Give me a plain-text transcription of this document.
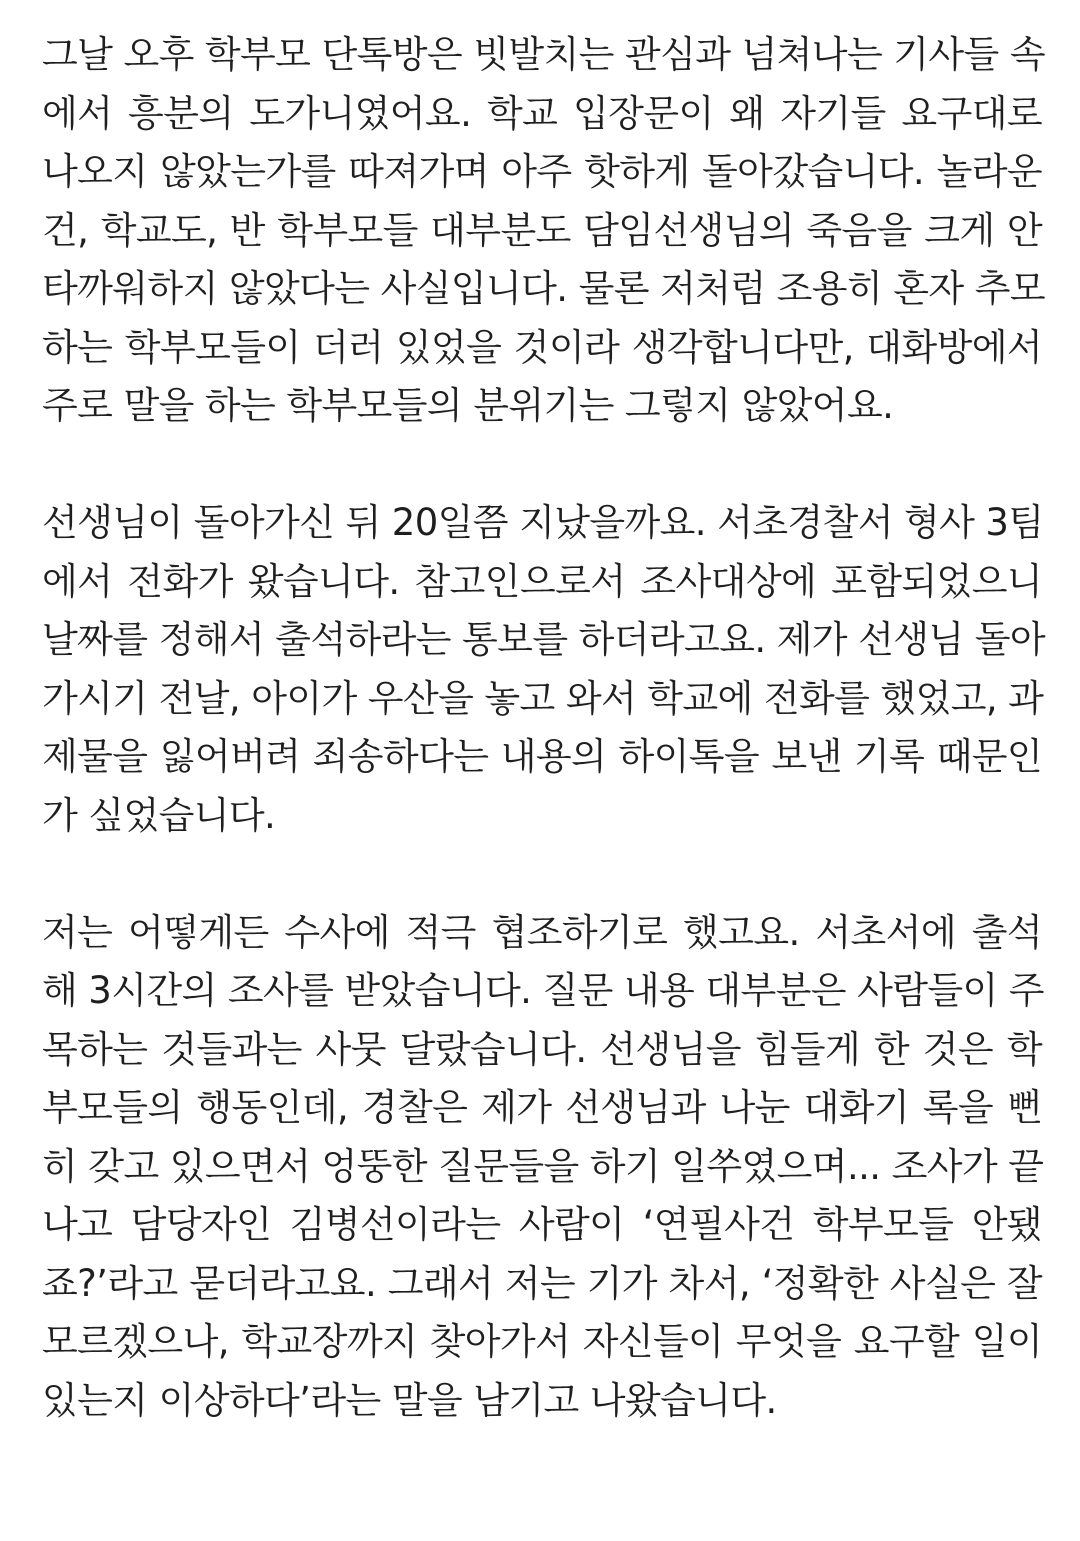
그날 오후 학부모 단톡방은 빗발치는 관심과 넘쳐나는 기사들 속
에서 흥분의 도가니였어요. 학교 입장문이 왜 자기들 요구대로
나오지 않았는가를 따져가며 아주 핫하게 돌아갔습니다. 놀라운
건, 학교도, 반 학부모들 대부분도 담임선생님의 죽음을 크게 안
타까워하지 않았다는 사실입니다. 물론 저처럼 조용히 혼자 추모
하는 학부모들이 더러 있었을 것이라 생각합니다만, 대화방에서
주로 말을 하는 학부모들의 분위기는 그렇지 않았어요.

선생님이 돌아가신 뒤 20일쯤 지났을까요. 서초경찰서 형사 3팀
에서 전화가 왔습니다. 참고인으로서 조사대상에 포함되었으니
날짜를 정해서 출석하라는 통보를 하더라고요. 제가 선생님 돌아
가시기 전날, 아이가 우산을 놓고 와서 학교에 전화를 했었고, 과
제물을 잃어버려 죄송하다는 내용의 하이톡을 보낸 기록 때문인
가 싶었습니다.

저는 어떻게든 수사에 적극 협조하기로 했고요. 서초서에 출석
해 3시간의 조사를 받았습니다. 질문 내용 대부분은 사람들이 주
목하는 것들과는 사뭇 달랐습니다. 선생님을 힘들게 한 것은 학
부모들의 행동인데, 경찰은 제가 선생님과 나눈 대화기 록을 뻔
히 갖고 있으면서 엉뚱한 질문들을 하기 일쑤였으며... 조사가 끝
나고 담당자인 김병선이라는 사람이 ‘연필사건 학부모들 안됐
죠?’라고 묻더라고요. 그래서 저는 기가 차서, ‘정확한 사실은 잘
모르겠으나, 학교장까지 찾아가서 자신들이 무엇을 요구할 일이
있는지 이상하다’라는 말을 남기고 나왔습니다.
